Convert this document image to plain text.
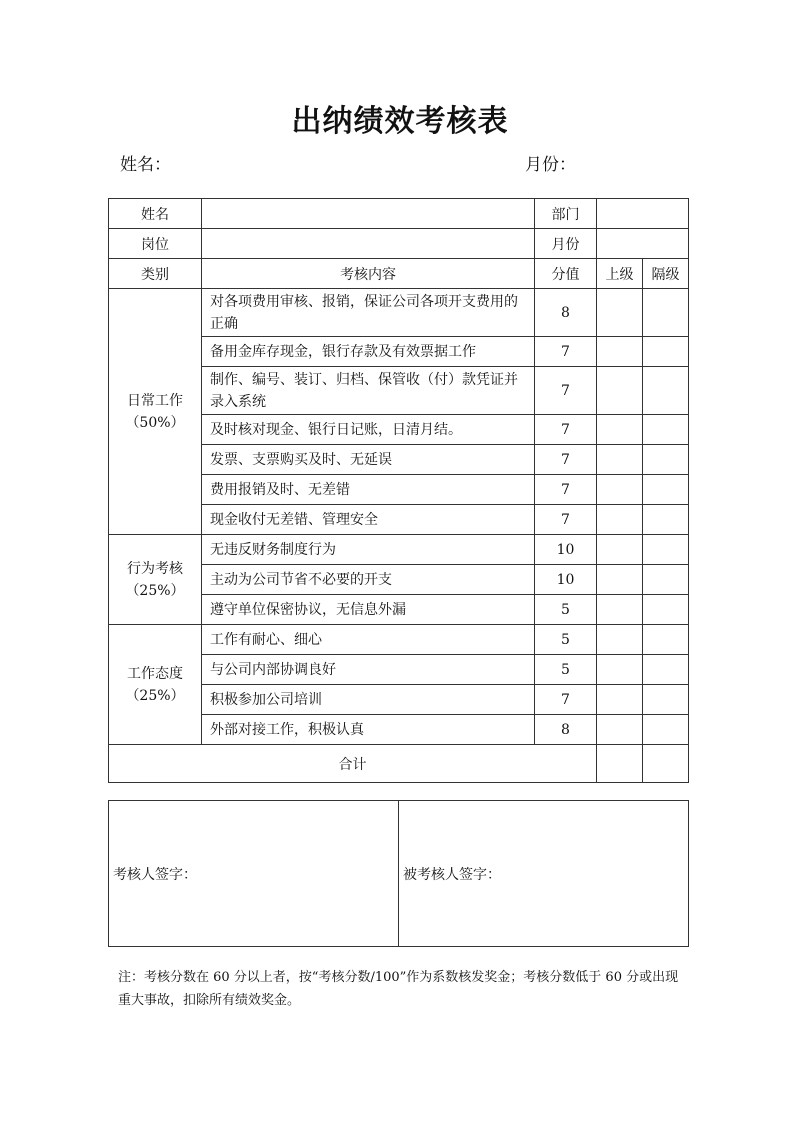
出纳绩效考核表
姓名：	月份：
姓名		部门		
岗位		月份		
类别	考核内容	分值	上级	隔级

日常工作
（50%）	对各项费用审核、报销，保证公司各项开支费用的正确	8		
	备用金库存现金，银行存款及有效票据工作	7		
	制作、编号、装订、归档、保管收（付）款凭证并录入系统	7		
	及时核对现金、银行日记账，日清月结。	7		
	发票、支票购买及时、无延误	7		
	费用报销及时、无差错	7		
	现金收付无差错、管理安全	7		

行为考核
（25%）	无违反财务制度行为	10		
	主动为公司节省不必要的开支	10		
	遵守单位保密协议，无信息外漏	5		

工作态度
（25%）	工作有耐心、细心	5		
	与公司内部协调良好	5		
	积极参加公司培训	7		
	外部对接工作，积极认真	8		
合计				
考核人签字：	被考核人签字：
注：考核分数在 60 分以上者，按“考核分数/100”作为系数核发奖金；考核分数低于 60 分或出现重大事故，扣除所有绩效奖金。
